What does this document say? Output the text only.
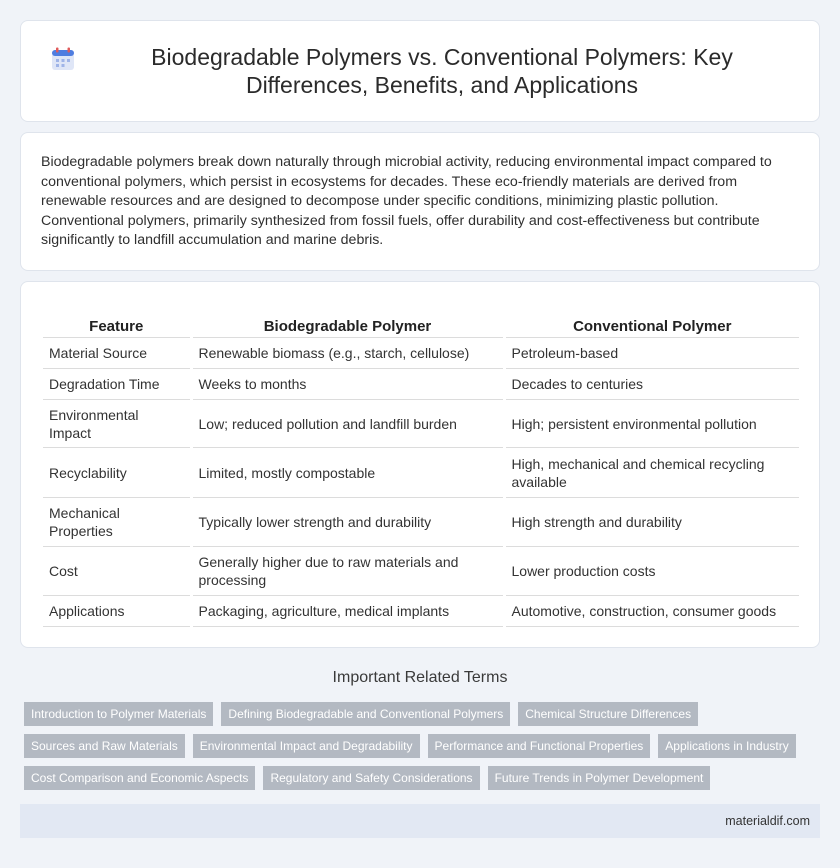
Biodegradable Polymers vs. Conventional Polymers: Key Differences, Benefits, and Applications

Biodegradable polymers break down naturally through microbial activity, reducing environmental impact compared to conventional polymers, which persist in ecosystems for decades. These eco-friendly materials are derived from renewable resources and are designed to decompose under specific conditions, minimizing plastic pollution. Conventional polymers, primarily synthesized from fossil fuels, offer durability and cost-effectiveness but contribute significantly to landfill accumulation and marine debris.

Feature	Biodegradable Polymer	Conventional Polymer
Material Source	Renewable biomass (e.g., starch, cellulose)	Petroleum-based
Degradation Time	Weeks to months	Decades to centuries
Environmental Impact	Low; reduced pollution and landfill burden	High; persistent environmental pollution
Recyclability	Limited, mostly compostable	High, mechanical and chemical recycling available
Mechanical Properties	Typically lower strength and durability	High strength and durability
Cost	Generally higher due to raw materials and processing	Lower production costs
Applications	Packaging, agriculture, medical implants	Automotive, construction, consumer goods
Important Related Terms
Introduction to Polymer Materials	Defining Biodegradable and Conventional Polymers	Chemical Structure Differences
Sources and Raw Materials	Environmental Impact and Degradability	Performance and Functional Properties	Applications in Industry
Cost Comparison and Economic Aspects	Regulatory and Safety Considerations	Future Trends in Polymer Development
materialdif.com
